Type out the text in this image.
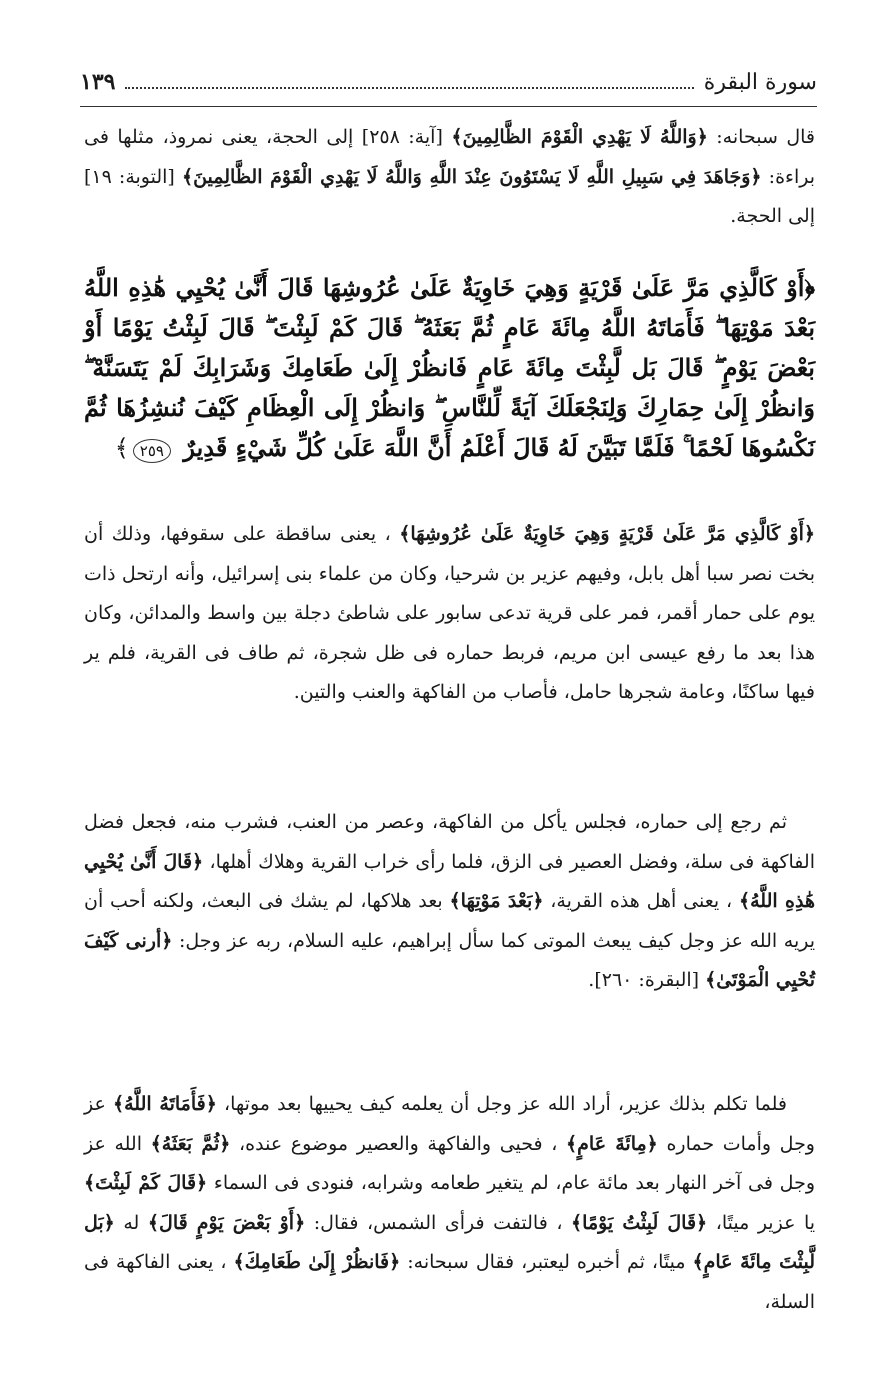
سورة البقرة
١٣٩
قال سبحانه: ﴿وَاللَّهُ لَا يَهْدِي الْقَوْمَ الظَّالِمِينَ﴾ [آية: ٢٥٨] إلى الحجة، يعنى نمروذ، مثلها فى براءة: ﴿وَجَاهَدَ فِي سَبِيلِ اللَّهِ لَا يَسْتَوُونَ عِنْدَ اللَّهِ وَاللَّهُ لَا يَهْدِي الْقَوْمَ الظَّالِمِينَ﴾ [التوبة: ١٩] إلى الحجة.
﴿أَوْ كَالَّذِي مَرَّ عَلَىٰ قَرْيَةٍ وَهِيَ خَاوِيَةٌ عَلَىٰ عُرُوشِهَا قَالَ أَنَّىٰ يُحْيِي هَٰذِهِ اللَّهُ بَعْدَ مَوْتِهَا ۖ فَأَمَاتَهُ اللَّهُ مِائَةَ عَامٍ ثُمَّ بَعَثَهُ ۖ قَالَ كَمْ لَبِثْتَ ۖ قَالَ لَبِثْتُ يَوْمًا أَوْ بَعْضَ يَوْمٍ ۖ قَالَ بَل لَّبِثْتَ مِائَةَ عَامٍ فَانظُرْ إِلَىٰ طَعَامِكَ وَشَرَابِكَ لَمْ يَتَسَنَّهْ ۖ وَانظُرْ إِلَىٰ حِمَارِكَ وَلِنَجْعَلَكَ آيَةً لِّلنَّاسِ ۖ وَانظُرْ إِلَى الْعِظَامِ كَيْفَ نُنشِزُهَا ثُمَّ نَكْسُوهَا لَحْمًا ۚ فَلَمَّا تَبَيَّنَ لَهُ قَالَ أَعْلَمُ أَنَّ اللَّهَ عَلَىٰ كُلِّ شَيْءٍ قَدِيرٌ ٢٥٩﴾
﴿أَوْ كَالَّذِي مَرَّ عَلَىٰ قَرْيَةٍ وَهِيَ خَاوِيَةٌ عَلَىٰ عُرُوشِهَا﴾ ، يعنى ساقطة على سقوفها، وذلك أن بخت نصر سبا أهل بابل، وفيهم عزير بن شرحيا، وكان من علماء بنى إسرائيل، وأنه ارتحل ذات يوم على حمار أقمر، فمر على قرية تدعى سابور على شاطئ دجلة بين واسط والمدائن، وكان هذا بعد ما رفع عيسى ابن مريم، فربط حماره فى ظل شجرة، ثم طاف فى القرية، فلم ير فيها ساكنًا، وعامة شجرها حامل، فأصاب من الفاكهة والعنب والتين.
ثم رجع إلى حماره، فجلس يأكل من الفاكهة، وعصر من العنب، فشرب منه، فجعل فضل الفاكهة فى سلة، وفضل العصير فى الزق، فلما رأى خراب القرية وهلاك أهلها، ﴿قَالَ أَنَّىٰ يُحْيِي هَٰذِهِ اللَّهُ﴾ ، يعنى أهل هذه القرية، ﴿بَعْدَ مَوْتِهَا﴾ بعد هلاكها، لم يشك فى البعث، ولكنه أحب أن يريه الله عز وجل كيف يبعث الموتى كما سأل إبراهيم، عليه السلام، ربه عز وجل: ﴿أرنى كَيْفَ تُحْيِي الْمَوْتَىٰ﴾ [البقرة: ٢٦٠].
فلما تكلم بذلك عزير، أراد الله عز وجل أن يعلمه كيف يحييها بعد موتها، ﴿فَأَمَاتَهُ اللَّهُ﴾ عز وجل وأمات حماره ﴿مِائَةَ عَامٍ﴾ ، فحيى والفاكهة والعصير موضوع عنده، ﴿ثُمَّ بَعَثَهُ﴾ الله عز وجل فى آخر النهار بعد مائة عام، لم يتغير طعامه وشرابه، فنودى فى السماء ﴿قَالَ كَمْ لَبِثْتَ﴾ يا عزير ميتًا، ﴿قَالَ لَبِثْتُ يَوْمًا﴾ ، فالتفت فرأى الشمس، فقال: ﴿أَوْ بَعْضَ يَوْمٍ قَالَ﴾ له ﴿بَل لَّبِثْتَ مِائَةَ عَامٍ﴾ ميتًا، ثم أخبره ليعتبر، فقال سبحانه: ﴿فَانظُرْ إِلَىٰ طَعَامِكَ﴾ ، يعنى الفاكهة فى السلة،
